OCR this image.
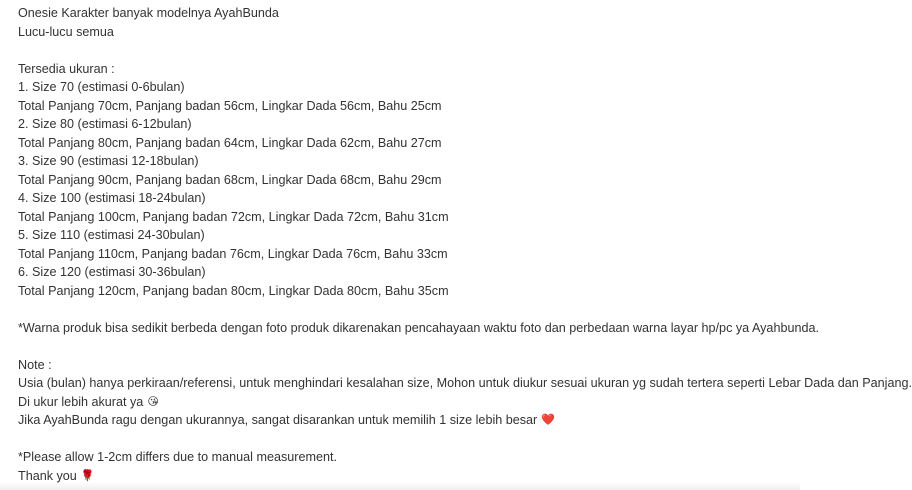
Onesie Karakter banyak modelnya AyahBunda
Lucu-lucu semua
Tersedia ukuran :
1. Size 70 (estimasi 0-6bulan)
Total Panjang 70cm, Panjang badan 56cm, Lingkar Dada 56cm, Bahu 25cm
2. Size 80 (estimasi 6-12bulan)
Total Panjang 80cm, Panjang badan 64cm, Lingkar Dada 62cm, Bahu 27cm
3. Size 90 (estimasi 12-18bulan)
Total Panjang 90cm, Panjang badan 68cm, Lingkar Dada 68cm, Bahu 29cm
4. Size 100 (estimasi 18-24bulan)
Total Panjang 100cm, Panjang badan 72cm, Lingkar Dada 72cm, Bahu 31cm
5. Size 110 (estimasi 24-30bulan)
Total Panjang 110cm, Panjang badan 76cm, Lingkar Dada 76cm, Bahu 33cm
6. Size 120 (estimasi 30-36bulan)
Total Panjang 120cm, Panjang badan 80cm, Lingkar Dada 80cm, Bahu 35cm
*Warna produk bisa sedikit berbeda dengan foto produk dikarenakan pencahayaan waktu foto dan perbedaan warna layar hp/pc ya Ayahbunda.
Note :
Usia (bulan) hanya perkiraan/referensi, untuk menghindari kesalahan size, Mohon untuk diukur sesuai ukuran yg sudah tertera seperti Lebar Dada dan Panjang.
Di ukur lebih akurat ya 😘
Jika AyahBunda ragu dengan ukurannya, sangat disarankan untuk memilih 1 size lebih besar ❤️
*Please allow 1-2cm differs due to manual measurement.
Thank you 🌹
